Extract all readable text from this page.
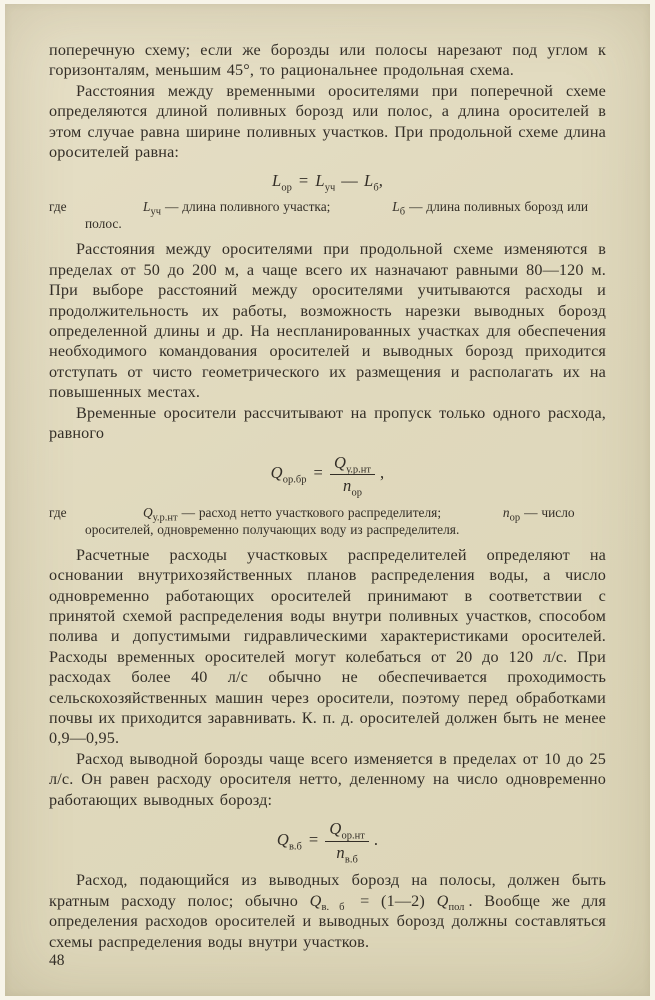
поперечную схему; если же борозды или полосы нарезают под углом к горизонталям, меньшим 45°, то рациональнее продольная схема.

Расстояния между временными оросителями при поперечной схеме определяются длиной поливных борозд или полос, а длина оросителей в этом случае равна ширине поливных участков. При продольной схеме длина оросителей равна:

$L_{ор} = L_{уч}$ — $L_б$,
где	$L_{уч}$ — длина поливного участка;	$L_б$ — длина поливных борозд или полос.

Расстояния между оросителями при продольной схеме изменяются в пределах от 50 до 200 м, а чаще всего их назначают равными 80—120 м. При выборе расстояний между оросителями учитываются расходы и продолжительность их работы, возможность нарезки выводных борозд определенной длины и др. На неспланированных участках для обеспечения необходимого командования оросителей и выводных борозд приходится отступать от чисто геометрического их размещения и располагать их на повышенных местах.

Временные оросители рассчитывают на пропуск только одного расхода, равного

$Q_{ор.бр} = \frac{Q_{у.р.нт}}{n_{ор}}$ ,
где	$Q_{у.р.нт}$ — расход нетто участкового распределителя;	$n_{ор}$ — число оросителей, одновременно получающих воду из распределителя.

Расчетные расходы участковых распределителей определяют на основании внутрихозяйственных планов распределения воды, а число одновременно работающих оросителей принимают в соответствии с принятой схемой распределения воды внутри поливных участков, способом полива и допустимыми гидравлическими характеристиками оросителей. Расходы временных оросителей могут колебаться от 20 до 120 л/с. При расходах более 40 л/с обычно не обеспечивается проходимость сельскохозяйственных машин через оросители, поэтому перед обработками почвы их приходится заравнивать. К. п. д. оросителей должен быть не менее 0,9—0,95.

Расход выводной борозды чаще всего изменяется в пределах от 10 до 25 л/с. Он равен расходу оросителя нетто, деленному на число одновременно работающих выводных борозд:

$Q_{в.б} = \frac{Q_{ор.нт}}{n_{в.б}}$ .

Расход, подающийся из выводных борозд на полосы, должен быть кратным расходу полос; обычно $Q_{в. б}$ = (1—2) $Q_{пол}$ . Вообще же для определения расходов оросителей и выводных борозд должны составляться схемы распределения воды внутри участков.

48
